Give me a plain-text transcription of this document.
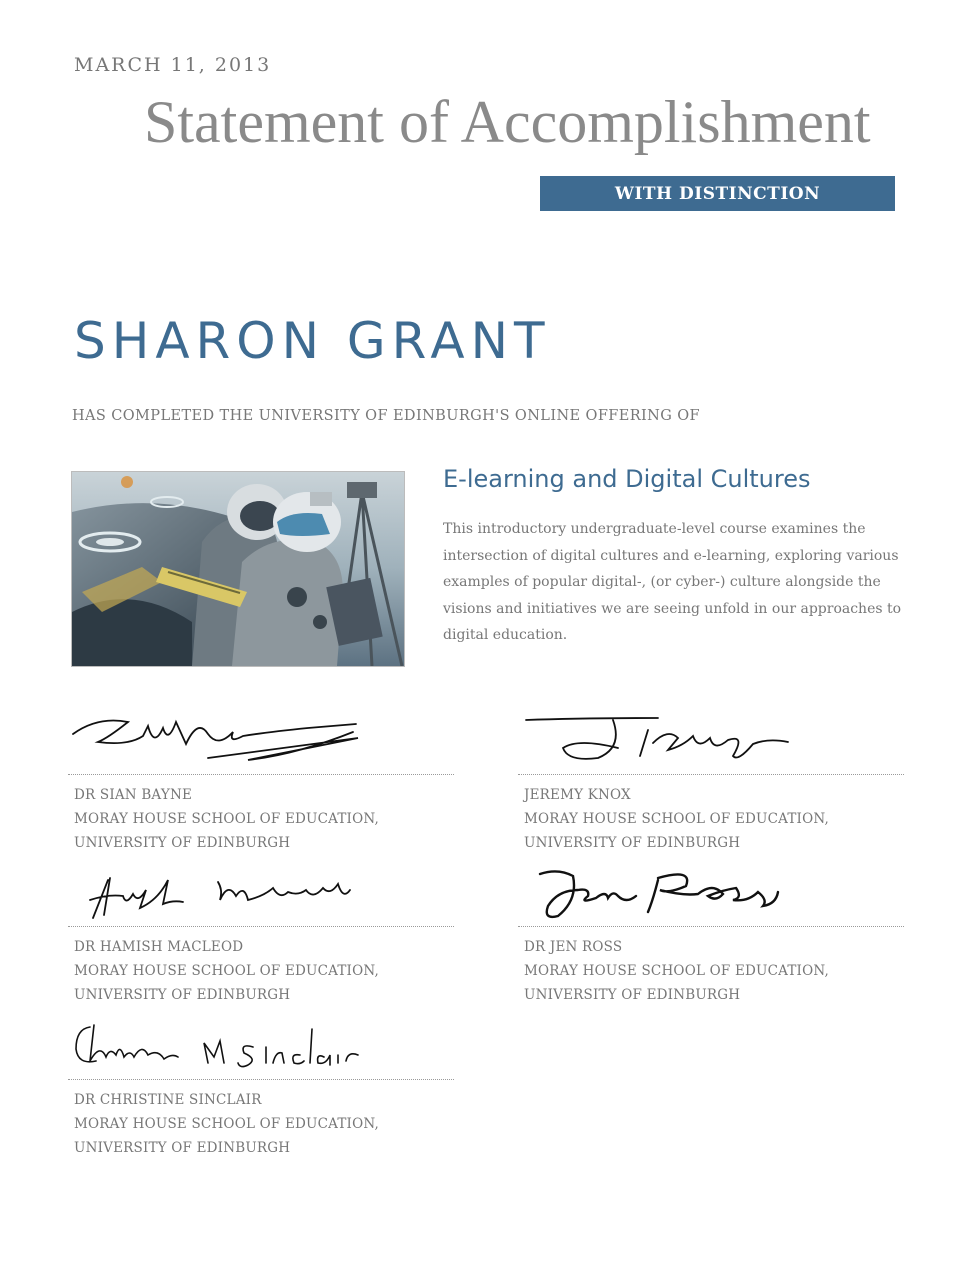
MARCH 11, 2013
Statement of Accomplishment
WITH DISTINCTION
SHARON GRANT
HAS COMPLETED THE UNIVERSITY OF EDINBURGH'S ONLINE OFFERING OF
E-learning and Digital Cultures
This introductory undergraduate-level course examines the intersection of digital cultures and e-learning, exploring various examples of popular digital-, (or cyber-) culture alongside the visions and initiatives we are seeing unfold in our approaches to digital education.
DR SIAN BAYNE
MORAY HOUSE SCHOOL OF EDUCATION, UNIVERSITY OF EDINBURGH
JEREMY KNOX
MORAY HOUSE SCHOOL OF EDUCATION, UNIVERSITY OF EDINBURGH
DR HAMISH MACLEOD
MORAY HOUSE SCHOOL OF EDUCATION, UNIVERSITY OF EDINBURGH
DR JEN ROSS
MORAY HOUSE SCHOOL OF EDUCATION, UNIVERSITY OF EDINBURGH
DR CHRISTINE SINCLAIR
MORAY HOUSE SCHOOL OF EDUCATION, UNIVERSITY OF EDINBURGH
